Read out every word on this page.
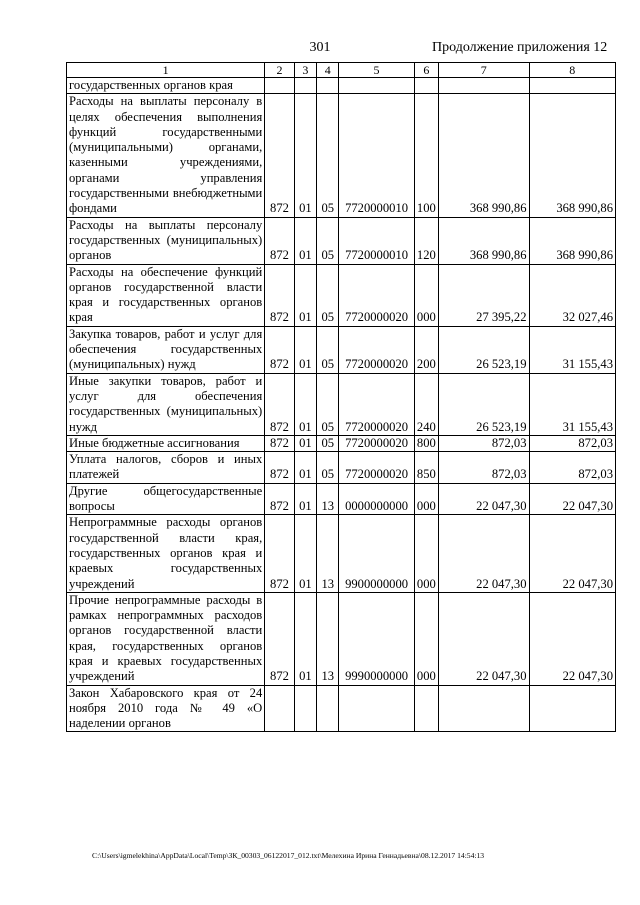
301	Продолжение приложения 12
1	2	3	4	5	6	7	8
государственных органов края							
Расходы на выплаты персоналу в целях обеспечения выполнения функций государственными (муниципальными) органами, казенными учреждениями, органами управления государственными внебюджетными фондами	872	01	05	7720000010	100	368 990,86	368 990,86
Расходы на выплаты персоналу государственных (муниципальных) органов	872	01	05	7720000010	120	368 990,86	368 990,86
Расходы на обеспечение функций органов государственной власти края и государственных органов края	872	01	05	7720000020	000	27 395,22	32 027,46
Закупка товаров, работ и услуг для обеспечения государственных (муниципальных) нужд	872	01	05	7720000020	200	26 523,19	31 155,43
Иные закупки товаров, работ и услуг для обеспечения государственных (муниципальных) нужд	872	01	05	7720000020	240	26 523,19	31 155,43
Иные бюджетные ассигнования	872	01	05	7720000020	800	872,03	872,03
Уплата налогов, сборов и иных платежей	872	01	05	7720000020	850	872,03	872,03
Другие общегосударственные вопросы	872	01	13	0000000000	000	22 047,30	22 047,30
Непрограммные расходы органов государственной власти края, государственных органов края и краевых государственных учреждений	872	01	13	9900000000	000	22 047,30	22 047,30
Прочие непрограммные расходы в рамках непрограммных расходов органов государственной власти края, государственных органов края и краевых государственных учреждений	872	01	13	9990000000	000	22 047,30	22 047,30
Закон Хабаровского края от 24 ноября 2010 года № 49 «О наделении органов							
C:\Users\igmelekhina\AppData\Local\Temp\ЗК_00303_06122017_012.txt\Мелехина Ирина Геннадьевна\08.12.2017 14:54:13
